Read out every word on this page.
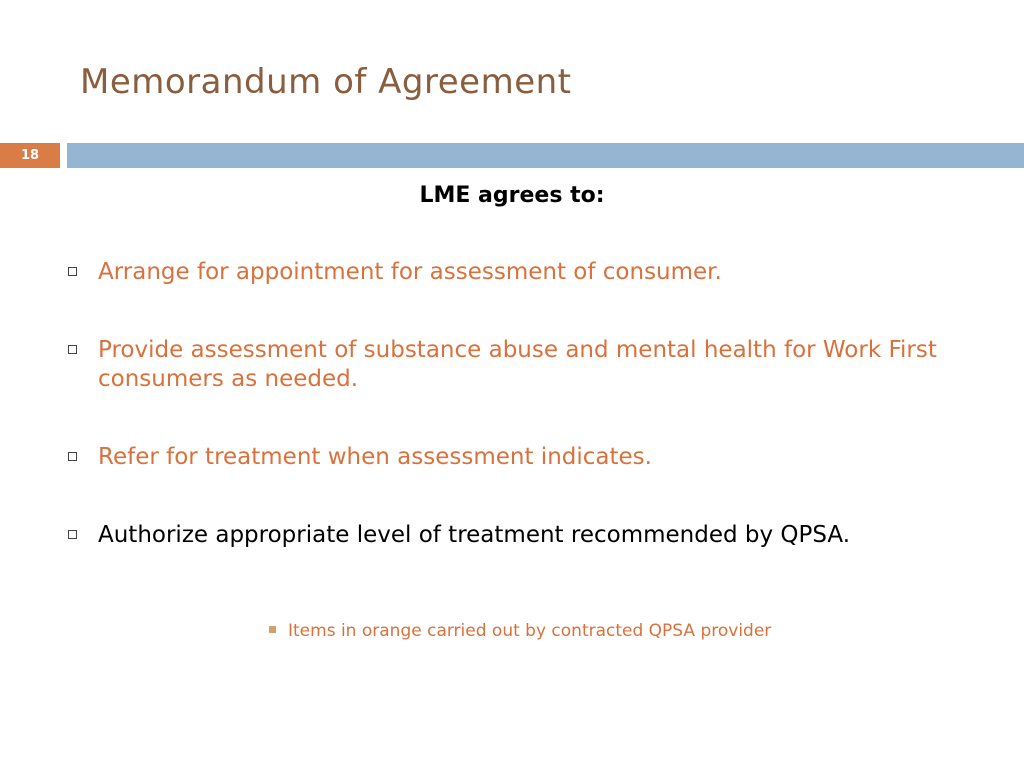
Memorandum of Agreement
18
LME agrees to:
Arrange for appointment for assessment of consumer.
Provide assessment of substance abuse and mental health for Work First consumers as needed.
Refer for treatment when assessment indicates.
Authorize appropriate level of treatment recommended by QPSA.
Items in orange carried out by contracted QPSA provider
